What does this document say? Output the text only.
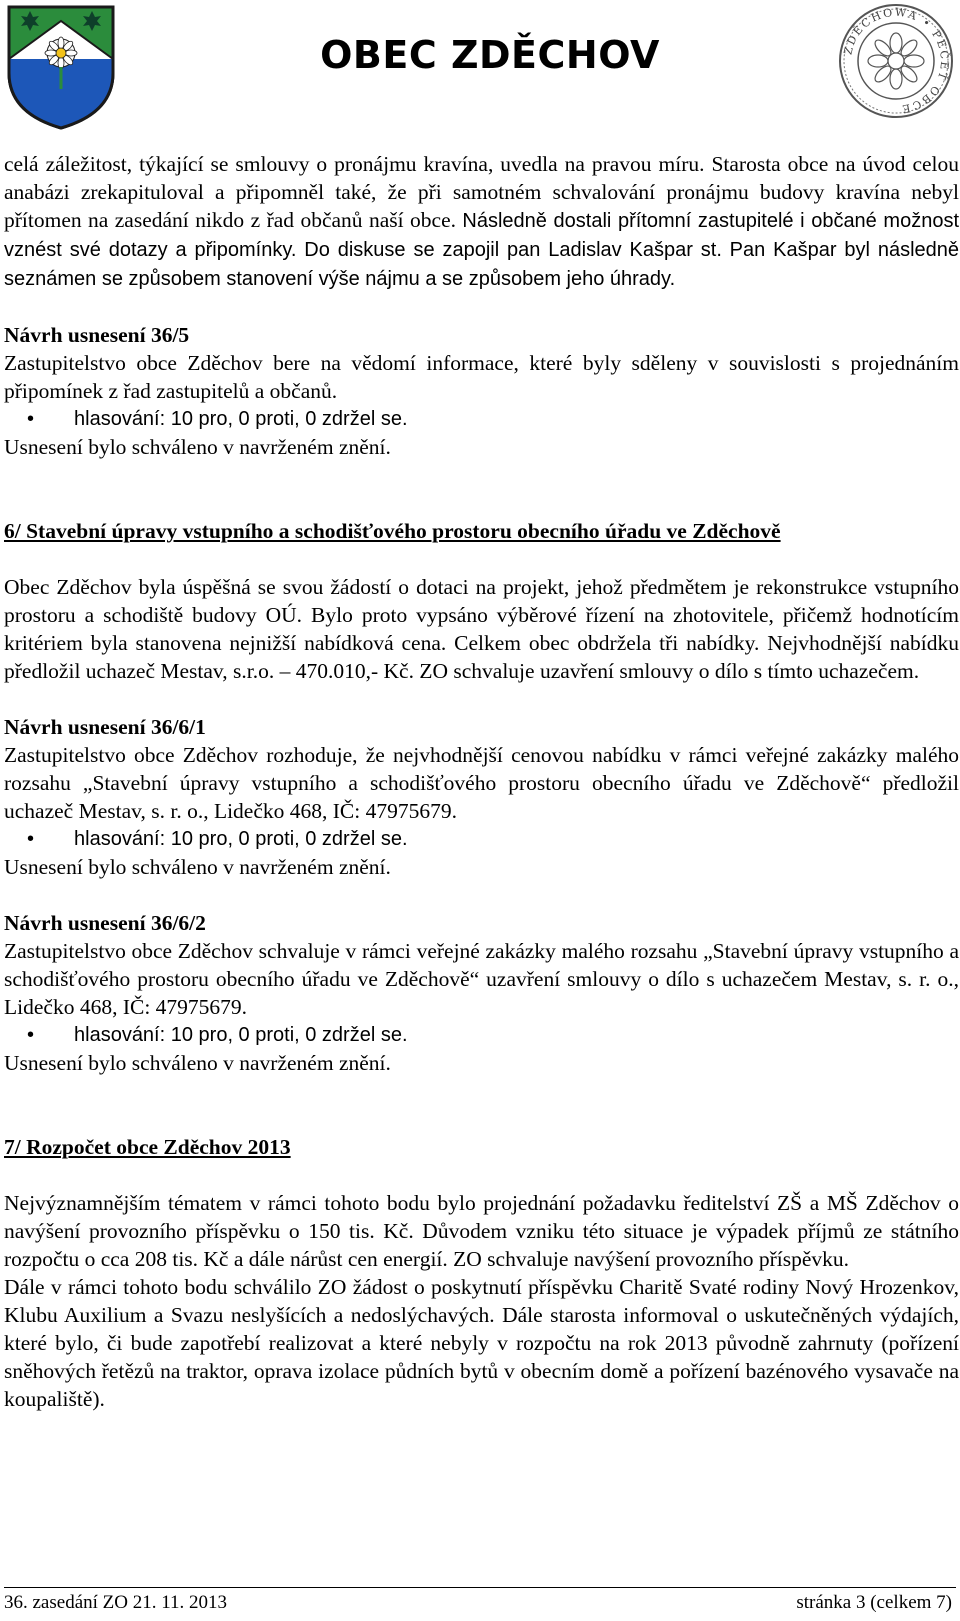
OBEC ZDĚCHOV	ZDĚCHOWA • PEČEŤ OBCE

celá záležitost, týkající se smlouvy o pronájmu kravína, uvedla na pravou míru. Starosta obce na úvod celou anabázi zrekapituloval a připomněl také, že při samotném schvalování pronájmu budovy kravína nebyl přítomen na zasedání nikdo z řad občanů naší obce. Následně dostali přítomní zastupitelé i občané možnost vznést své dotazy a připomínky. Do diskuse se zapojil pan Ladislav Kašpar st. Pan Kašpar byl následně seznámen se způsobem stanovení výše nájmu a se způsobem jeho úhrady.

Návrh usnesení 36/5

Zastupitelstvo obce Zděchov bere na vědomí informace, které byly sděleny v souvislosti s projednáním připomínek z řad zastupitelů a občanů.

• hlasování: 10 pro, 0 proti, 0 zdržel se.

Usnesení bylo schváleno v navrženém znění.

6/ Stavební úpravy vstupního a schodišťového prostoru obecního úřadu ve Zděchově

Obec Zděchov byla úspěšná se svou žádostí o dotaci na projekt, jehož předmětem je rekonstrukce vstupního prostoru a schodiště budovy OÚ. Bylo proto vypsáno výběrové řízení na zhotovitele, přičemž hodnotícím kritériem byla stanovena nejnižší nabídková cena. Celkem obec obdržela tři nabídky. Nejvhodnější nabídku předložil uchazeč Mestav, s.r.o. – 470.010,- Kč. ZO schvaluje uzavření smlouvy o dílo s tímto uchazečem.

Návrh usnesení 36/6/1

Zastupitelstvo obce Zděchov rozhoduje, že nejvhodnější cenovou nabídku v rámci veřejné zakázky malého rozsahu „Stavební úpravy vstupního a schodišťového prostoru obecního úřadu ve Zděchově“ předložil uchazeč Mestav, s. r. o., Lidečko 468, IČ: 47975679.

• hlasování: 10 pro, 0 proti, 0 zdržel se.

Usnesení bylo schváleno v navrženém znění.

Návrh usnesení 36/6/2

Zastupitelstvo obce Zděchov schvaluje v rámci veřejné zakázky malého rozsahu „Stavební úpravy vstupního a schodišťového prostoru obecního úřadu ve Zděchově“ uzavření smlouvy o dílo s uchazečem Mestav, s. r. o., Lidečko 468, IČ: 47975679.

• hlasování: 10 pro, 0 proti, 0 zdržel se.

Usnesení bylo schváleno v navrženém znění.

7/ Rozpočet obce Zděchov 2013

Nejvýznamnějším tématem v rámci tohoto bodu bylo projednání požadavku ředitelství ZŠ a MŠ Zděchov o navýšení provozního příspěvku o 150 tis. Kč. Důvodem vzniku této situace je výpadek příjmů ze státního rozpočtu o cca 208 tis. Kč a dále nárůst cen energií. ZO schvaluje navýšení provozního příspěvku.

Dále v rámci tohoto bodu schválilo ZO žádost o poskytnutí příspěvku Charitě Svaté rodiny Nový Hrozenkov, Klubu Auxilium a Svazu neslyšících a nedoslýchavých. Dále starosta informoval o uskutečněných výdajích, které bylo, či bude zapotřebí realizovat a které nebyly v rozpočtu na rok 2013 původně zahrnuty (pořízení sněhových řetězů na traktor, oprava izolace půdních bytů v obecním domě a pořízení bazénového vysavače na koupaliště).

36. zasedání ZO 21. 11. 2013	stránka 3 (celkem 7)
